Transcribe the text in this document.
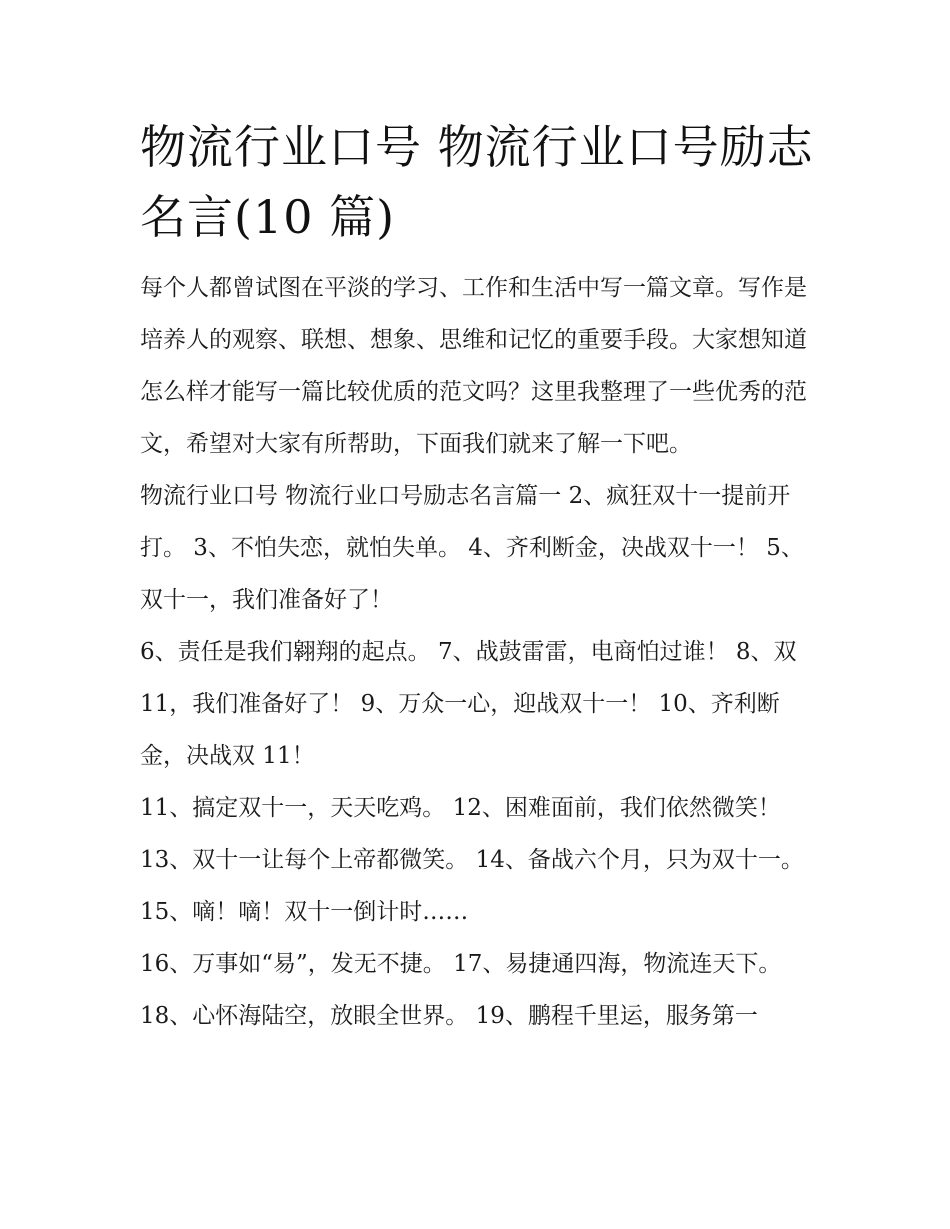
物流行业口号 物流行业口号励志名言(10 篇)

每个人都曾试图在平淡的学习、工作和生活中写一篇文章。写作是培养人的观察、联想、想象、思维和记忆的重要手段。大家想知道怎么样才能写一篇比较优质的范文吗？这里我整理了一些优秀的范文，希望对大家有所帮助，下面我们就来了解一下吧。

物流行业口号 物流行业口号励志名言篇一 2、疯狂双十一提前开打。 3、不怕失恋，就怕失单。 4、齐利断金，决战双十一！ 5、双十一，我们准备好了！

6、责任是我们翱翔的起点。 7、战鼓雷雷，电商怕过谁！ 8、双 11，我们准备好了！ 9、万众一心，迎战双十一！ 10、齐利断金，决战双 11！

11、搞定双十一，天天吃鸡。 12、困难面前，我们依然微笑！ 13、双十一让每个上帝都微笑。 14、备战六个月，只为双十一。 15、嘀！嘀！双十一倒计时……

16、万事如“易”，发无不捷。 17、易捷通四海，物流连天下。 18、心怀海陆空，放眼全世界。 19、鹏程千里运，服务第一
